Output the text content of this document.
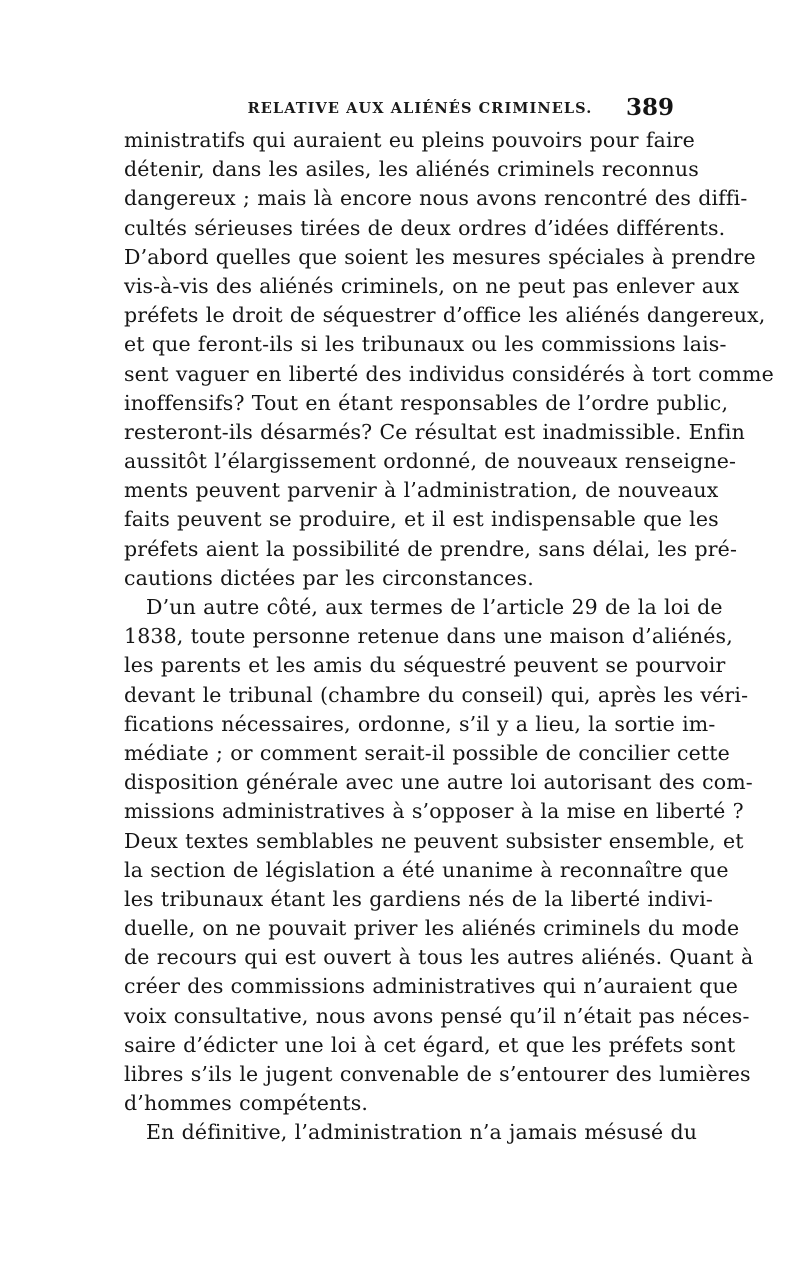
RELATIVE AUX ALIÉNÉS CRIMINELS.	389
ministratifs qui auraient eu pleins pouvoirs pour faire
détenir, dans les asiles, les aliénés criminels reconnus
dangereux ; mais là encore nous avons rencontré des diffi-
cultés sérieuses tirées de deux ordres d’idées différents.
D’abord quelles que soient les mesures spéciales à prendre
vis-à-vis des aliénés criminels, on ne peut pas enlever aux
préfets le droit de séquestrer d’office les aliénés dangereux,
et que feront-ils si les tribunaux ou les commissions lais-
sent vaguer en liberté des individus considérés à tort comme
inoffensifs? Tout en étant responsables de l’ordre public,
resteront-ils désarmés? Ce résultat est inadmissible. Enfin
aussitôt l’élargissement ordonné, de nouveaux renseigne-
ments peuvent parvenir à l’administration, de nouveaux
faits peuvent se produire, et il est indispensable que les
préfets aient la possibilité de prendre, sans délai, les pré-
cautions dictées par les circonstances.
D’un autre côté, aux termes de l’article 29 de la loi de
1838, toute personne retenue dans une maison d’aliénés,
les parents et les amis du séquestré peuvent se pourvoir
devant le tribunal (chambre du conseil) qui, après les véri-
fications nécessaires, ordonne, s’il y a lieu, la sortie im-
médiate ; or comment serait-il possible de concilier cette
disposition générale avec une autre loi autorisant des com-
missions administratives à s’opposer à la mise en liberté ?
Deux textes semblables ne peuvent subsister ensemble, et
la section de législation a été unanime à reconnaître que
les tribunaux étant les gardiens nés de la liberté indivi-
duelle, on ne pouvait priver les aliénés criminels du mode
de recours qui est ouvert à tous les autres aliénés. Quant à
créer des commissions administratives qui n’auraient que
voix consultative, nous avons pensé qu’il n’était pas néces-
saire d’édicter une loi à cet égard, et que les préfets sont
libres s’ils le jugent convenable de s’entourer des lumières
d’hommes compétents.
En définitive, l’administration n’a jamais mésusé du
